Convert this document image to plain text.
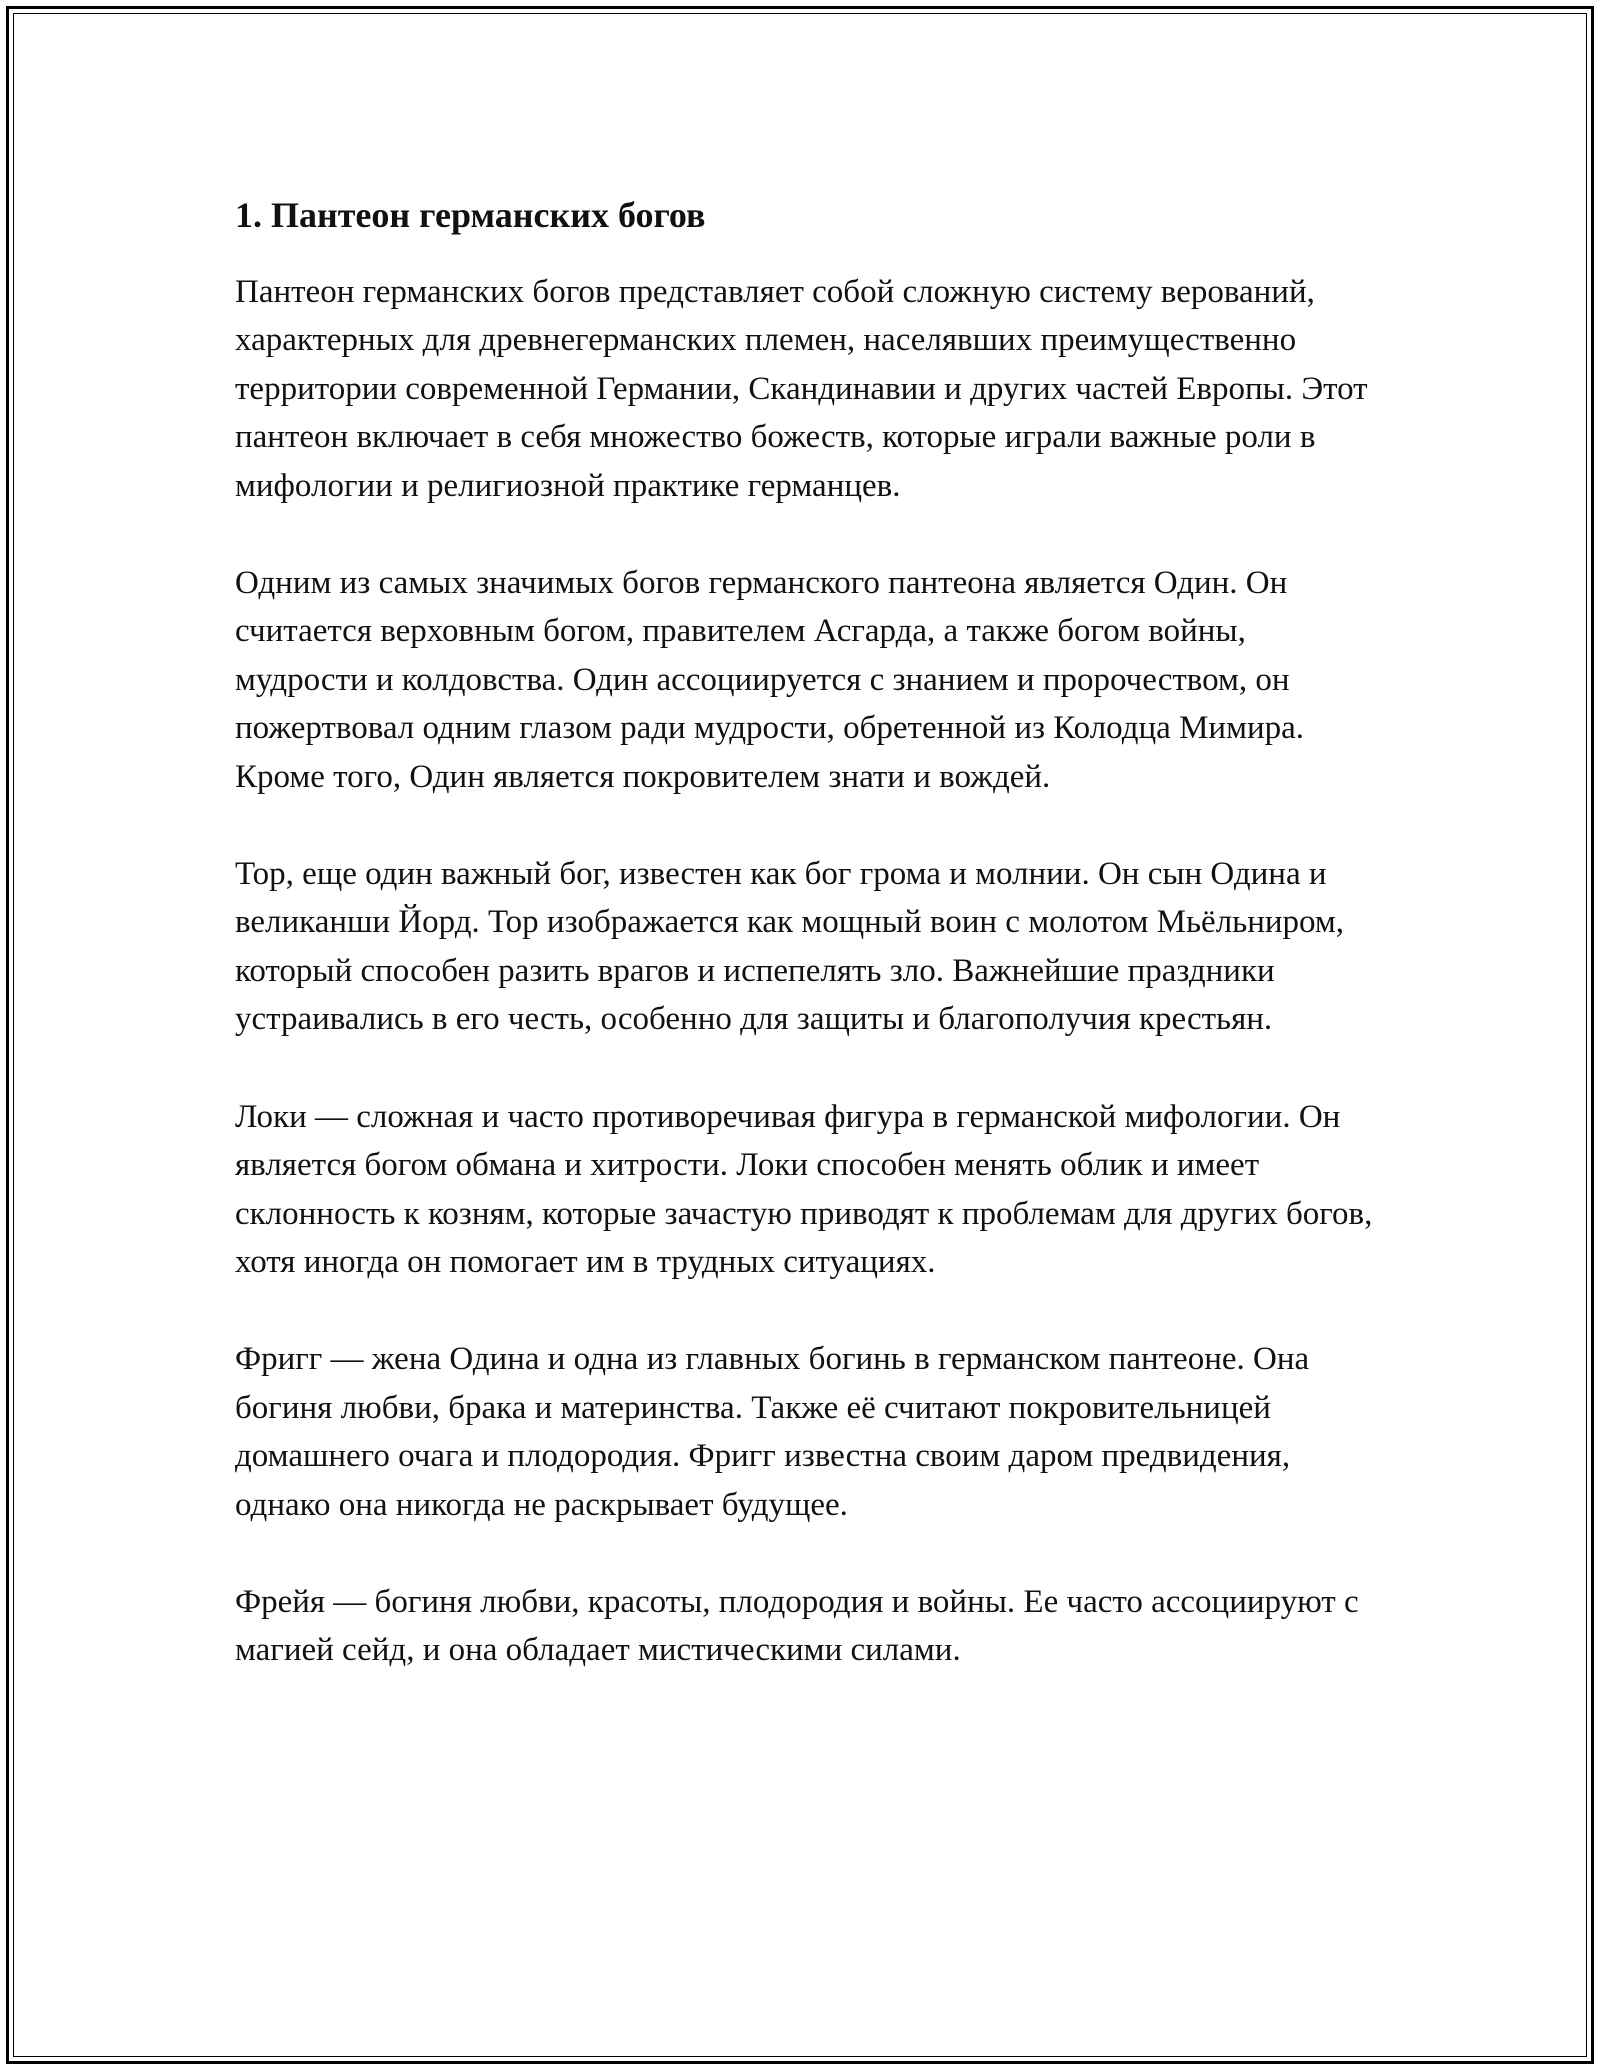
1. Пантеон германских богов

Пантеон германских богов представляет собой сложную систему верований, характерных для древнегерманских племен, населявших преимущественно территории современной Германии, Скандинавии и других частей Европы. Этот пантеон включает в себя множество божеств, которые играли важные роли в мифологии и религиозной практике германцев.

Одним из самых значимых богов германского пантеона является Один. Он считается верховным богом, правителем Асгарда, а также богом войны, мудрости и колдовства. Один ассоциируется с знанием и пророчеством, он пожертвовал одним глазом ради мудрости, обретенной из Колодца Мимира. Кроме того, Один является покровителем знати и вождей.

Тор, еще один важный бог, известен как бог грома и молнии. Он сын Одина и великанши Йорд. Тор изображается как мощный воин с молотом Мьёльниром, который способен разить врагов и испепелять зло. Важнейшие праздники устраивались в его честь, особенно для защиты и благополучия крестьян.

Локи — сложная и часто противоречивая фигура в германской мифологии. Он является богом обмана и хитрости. Локи способен менять облик и имеет склонность к козням, которые зачастую приводят к проблемам для других богов, хотя иногда он помогает им в трудных ситуациях.

Фригг — жена Одина и одна из главных богинь в германском пантеоне. Она богиня любви, брака и материнства. Также её считают покровительницей домашнего очага и плодородия. Фригг известна своим даром предвидения, однако она никогда не раскрывает будущее.

Фрейя — богиня любви, красоты, плодородия и войны. Ее часто ассоциируют с магией сейд, и она обладает мистическими силами.
